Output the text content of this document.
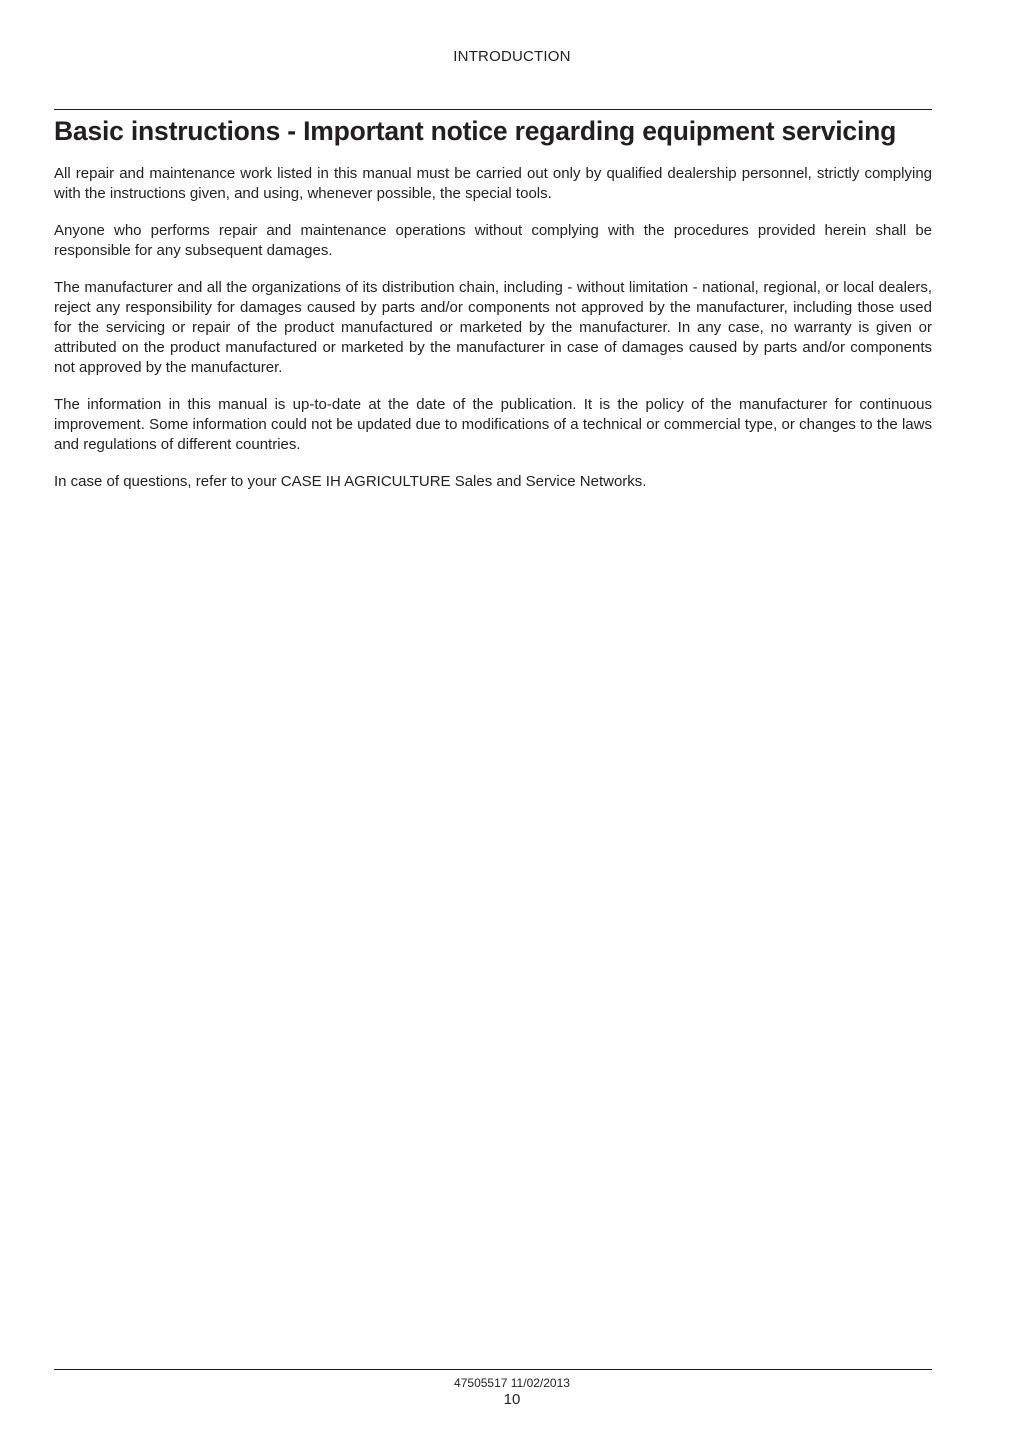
INTRODUCTION
Basic instructions - Important notice regarding equipment servicing

All repair and maintenance work listed in this manual must be carried out only by qualified dealership personnel, strictly complying with the instructions given, and using, whenever possible, the special tools.

Anyone who performs repair and maintenance operations without complying with the procedures provided herein shall be responsible for any subsequent damages.

The manufacturer and all the organizations of its distribution chain, including - without limitation - national, regional, or local dealers, reject any responsibility for damages caused by parts and/or components not approved by the manufacturer, including those used for the servicing or repair of the product manufactured or marketed by the manufacturer. In any case, no warranty is given or attributed on the product manufactured or marketed by the manufacturer in case of damages caused by parts and/or components not approved by the manufacturer.

The information in this manual is up-to-date at the date of the publication. It is the policy of the manufacturer for continuous improvement. Some information could not be updated due to modifications of a technical or commercial type, or changes to the laws and regulations of different countries.

In case of questions, refer to your CASE IH AGRICULTURE Sales and Service Networks.

47505517 11/02/2013
10
